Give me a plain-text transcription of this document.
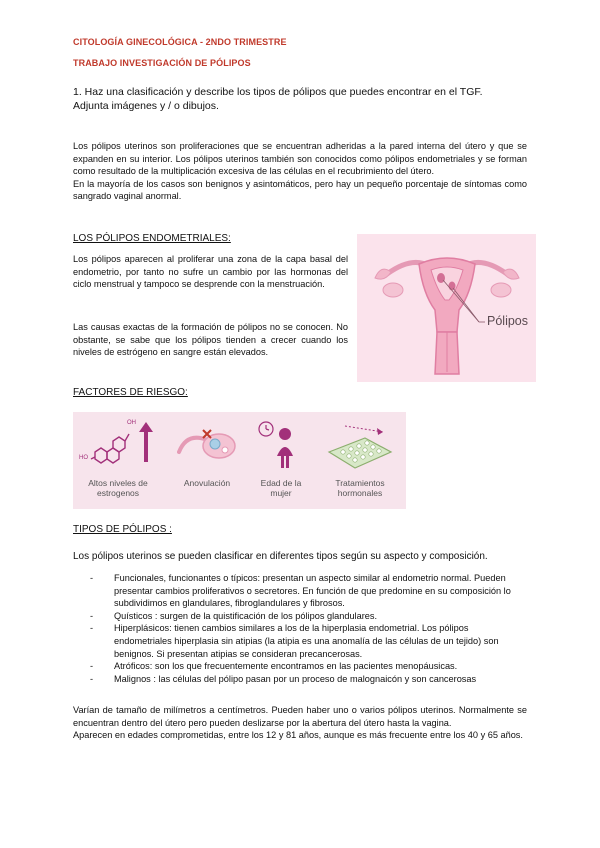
CITOLOGÍA GINECOLÓGICA - 2NDO TRIMESTRE
TRABAJO INVESTIGACIÓN DE PÓLIPOS
1. Haz una clasificación y describe los tipos de pólipos que puedes encontrar en el TGF.
Adjunta imágenes y / o dibujos.
Los pólipos uterinos son proliferaciones que se encuentran adheridas a la pared interna del útero y que se expanden en su interior. Los pólipos uterinos también son conocidos como pólipos endometriales y se forman como resultado de la multiplicación excesiva de las células en el recubrimiento del útero.
En la mayoría de los casos son benignos y asintomáticos, pero hay un pequeño porcentaje de síntomas como sangrado vaginal anormal.
LOS PÓLIPOS ENDOMETRIALES:
Los pólipos aparecen al proliferar una zona de la capa basal del endometrio, por tanto no sufre un cambio por las hormonas del ciclo menstrual y tampoco se desprende con la menstruación.
Las causas exactas de la formación de pólipos no se conocen. No obstante, se sabe que los pólipos tienden a crecer cuando los niveles de estrógeno en sangre están elevados.
Pólipos
FACTORES DE RIESGO:
OH
HO
Altos niveles de estrogenos
Anovulación	Edad de la mujer
Tratamientos hormonales
TIPOS DE PÓLIPOS :
Los pólipos uterinos se pueden clasificar en diferentes tipos según su aspecto y composición.
- Funcionales, funcionantes o típicos: presentan un aspecto similar al endometrio normal. Pueden presentar cambios proliferativos o secretores. En función de que predomine en su composición lo subdividimos en glandulares, fibroglandulares y fibrosos.
- Quísticos : surgen de la quistificación de los pólipos glandulares.
- Hiperplásicos: tienen cambios similares a los de la hiperplasia endometrial. Los pólipos endometriales hiperplasia sin atipias (la atipia es una anomalía de las células de un tejido) son benignos. Si presentan atipias se consideran precancerosas.
- Atróficos: son los que frecuentemente encontramos en las pacientes menopáusicas.
- Malignos : las células del pólipo pasan por un proceso de malognaicón y son cancerosas
Varían de tamaño de milímetros a centímetros. Pueden haber uno o varios pólipos uterinos. Normalmente se encuentran dentro del útero pero pueden deslizarse por la abertura del útero hasta la vagina.
Aparecen en edades comprometidas, entre los 12 y 81 años, aunque es más frecuente entre los 40 y 65 años.
